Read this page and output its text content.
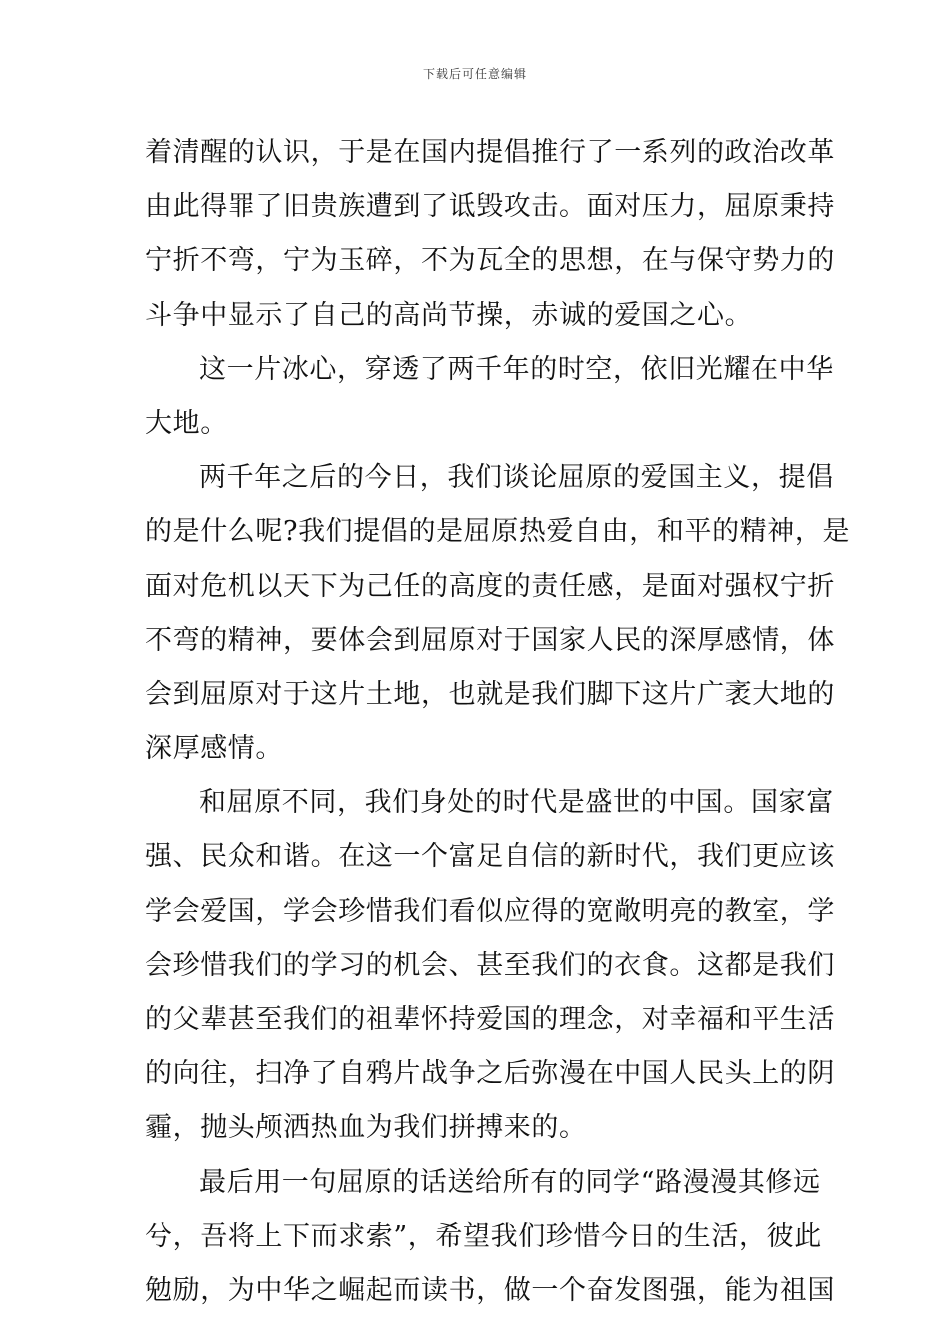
下载后可任意编辑
着清醒的认识，于是在国内提倡推行了一系列的政治改革
由此得罪了旧贵族遭到了诋毁攻击。面对压力，屈原秉持
宁折不弯，宁为玉碎，不为瓦全的思想，在与保守势力的
斗争中显示了自己的高尚节操，赤诚的爱国之心。
这一片冰心，穿透了两千年的时空，依旧光耀在中华
大地。
两千年之后的今日，我们谈论屈原的爱国主义，提倡
的是什么呢?我们提倡的是屈原热爱自由，和平的精神，是
面对危机以天下为己任的高度的责任感，是面对强权宁折
不弯的精神，要体会到屈原对于国家人民的深厚感情，体
会到屈原对于这片土地，也就是我们脚下这片广袤大地的
深厚感情。
和屈原不同，我们身处的时代是盛世的中国。国家富
强、民众和谐。在这一个富足自信的新时代，我们更应该
学会爱国，学会珍惜我们看似应得的宽敞明亮的教室，学
会珍惜我们的学习的机会、甚至我们的衣食。这都是我们
的父辈甚至我们的祖辈怀持爱国的理念，对幸福和平生活
的向往，扫净了自鸦片战争之后弥漫在中国人民头上的阴
霾，抛头颅洒热血为我们拼搏来的。
最后用一句屈原的话送给所有的同学“路漫漫其修远
兮，吾将上下而求索”，希望我们珍惜今日的生活，彼此
勉励，为中华之崛起而读书，做一个奋发图强，能为祖国
